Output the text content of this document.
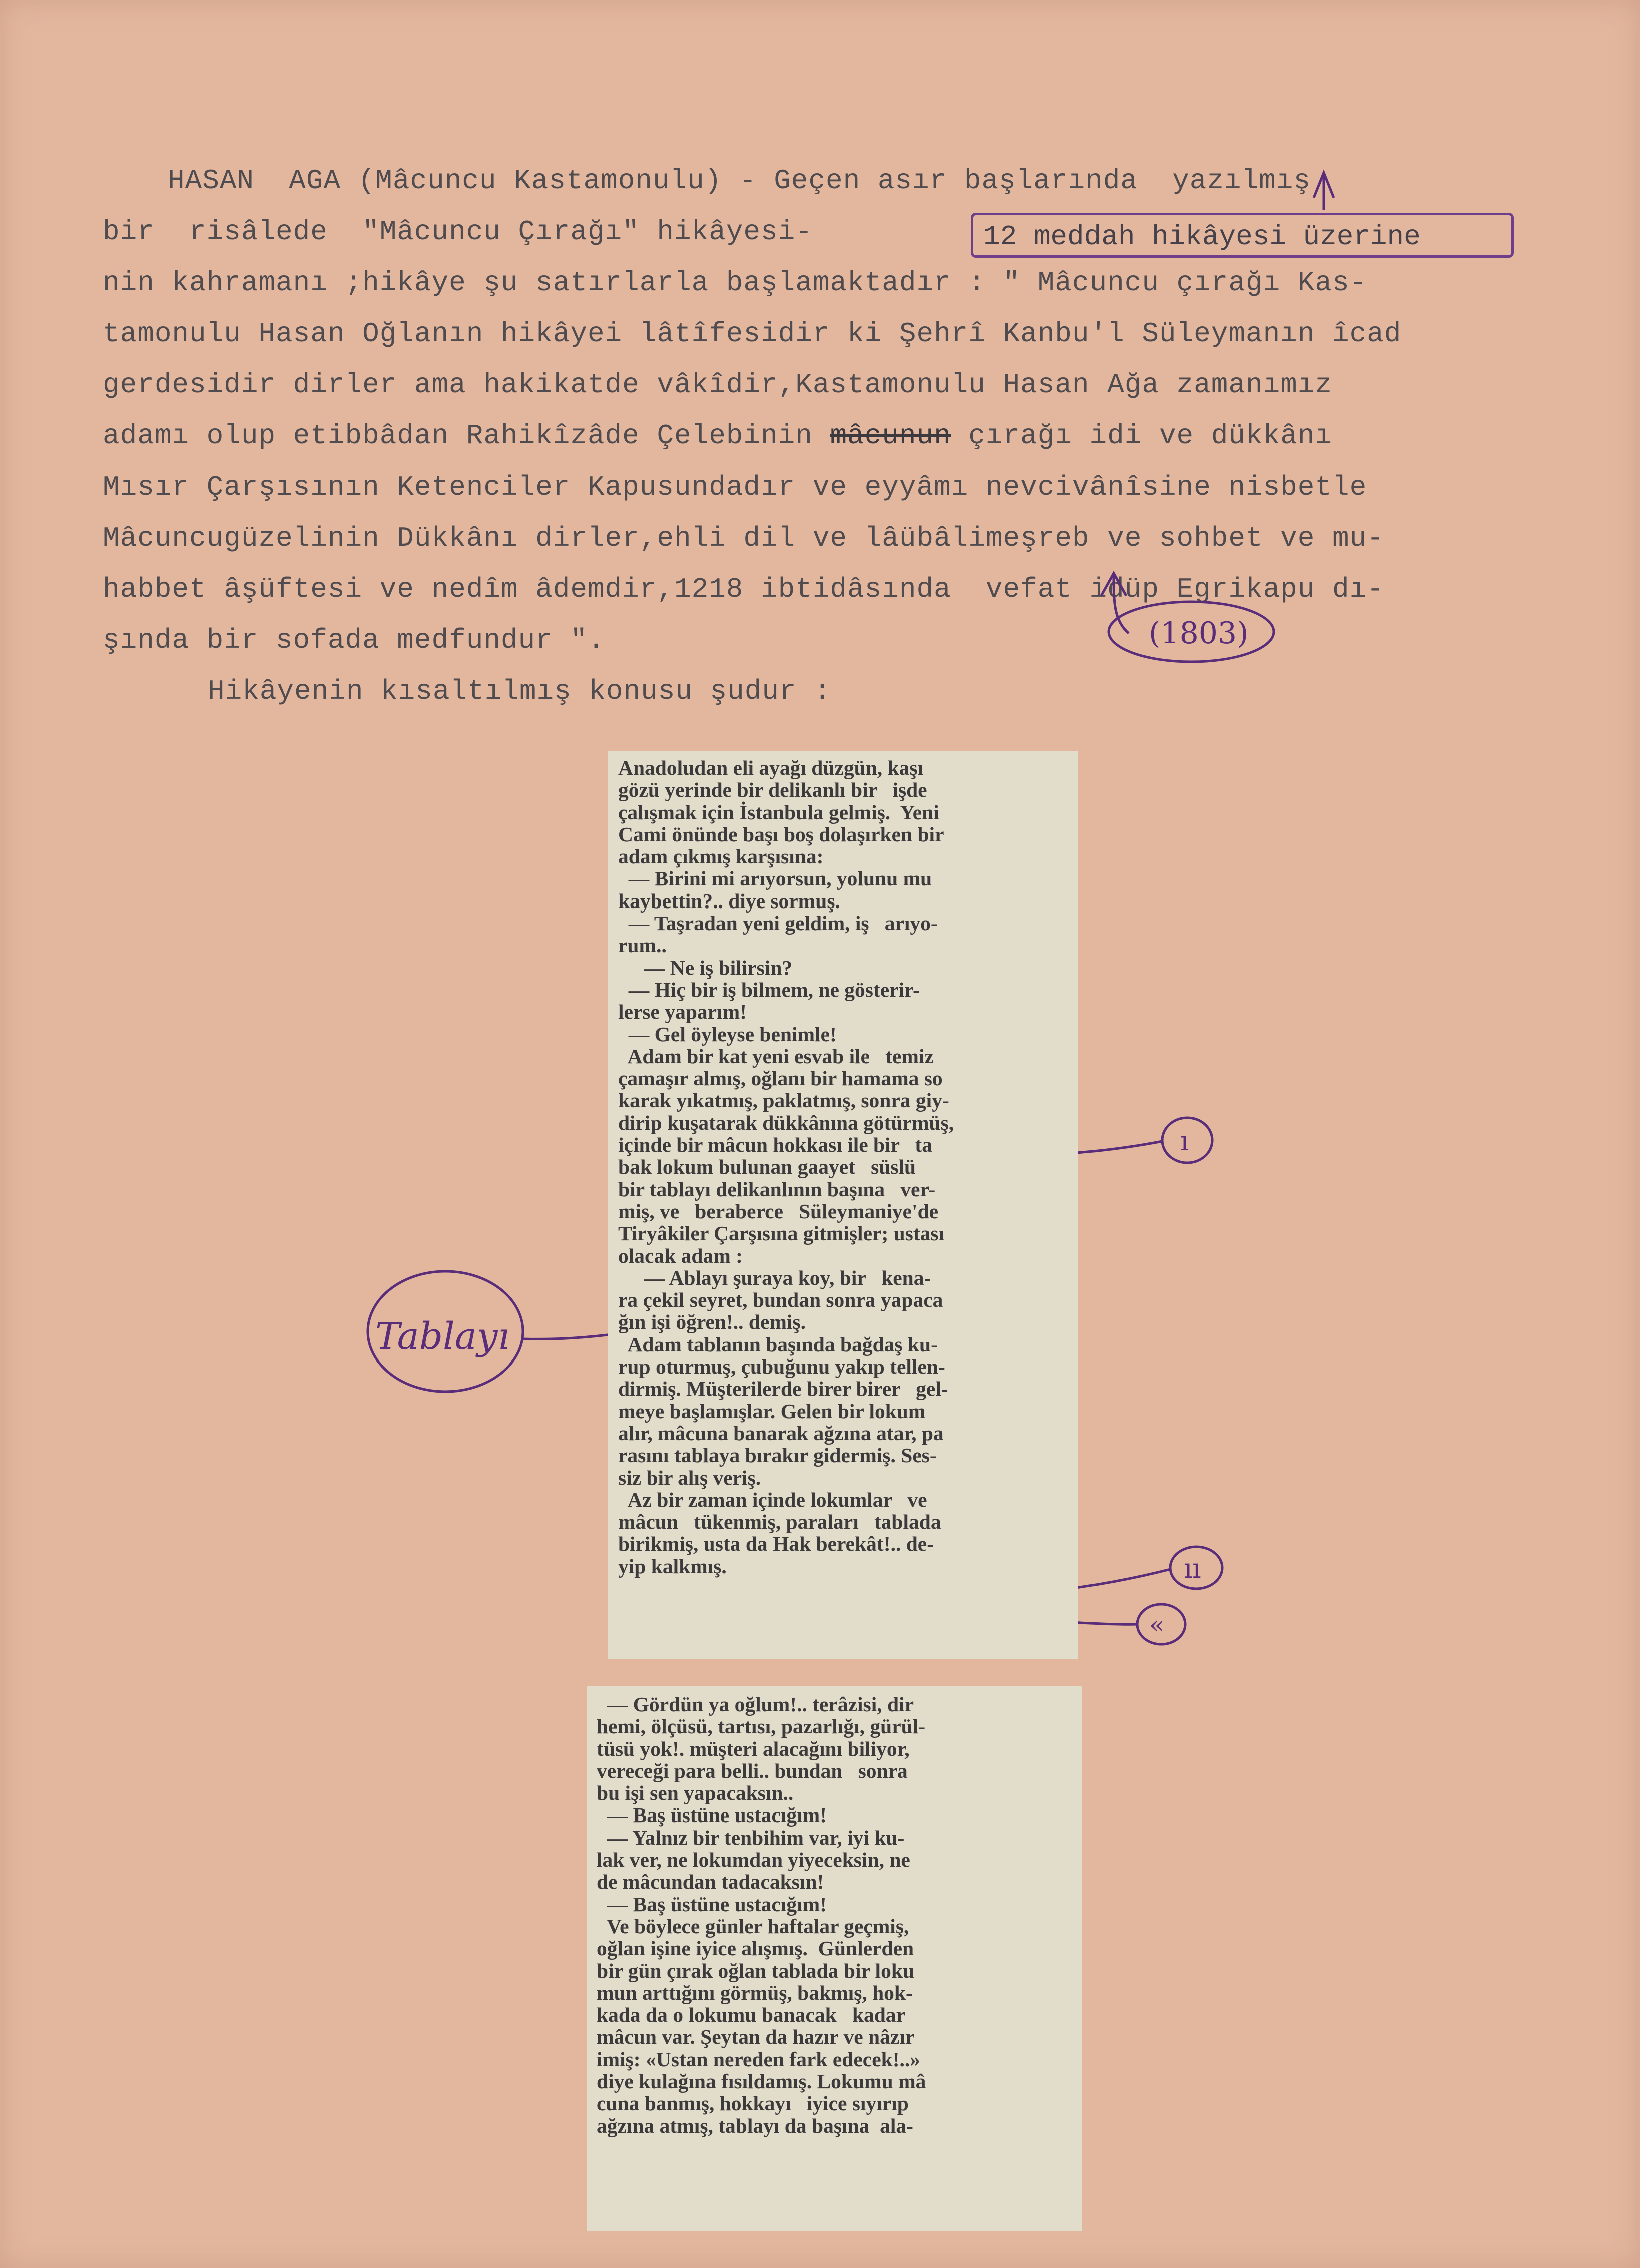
HASAN  AGA (Mâcuncu Kastamonulu) - Geçen asır başlarında  yazılmış
bir  risâlede  "Mâcuncu Çırağı" hikâyesi-
nin kahramanı ;hikâye şu satırlarla başlamaktadır : " Mâcuncu çırağı Kas-
tamonulu Hasan Oğlanın hikâyei lâtîfesidir ki Şehrî Kanbu'l Süleymanın îcad
gerdesidir dirler ama hakikatde vâkîdir,Kastamonulu Hasan Ağa zamanımız
adamı olup etibbâdan Rahikîzâde Çelebinin mâcunun çırağı idi ve dükkânı
Mısır Çarşısının Ketenciler Kapusundadır ve eyyâmı nevcivânîsine nisbetle
Mâcuncugüzelinin Dükkânı dirler,ehli dil ve lâübâlimeşreb ve sohbet ve mu-
habbet âşüftesi ve nedîm âdemdir,1218 ibtidâsında  vefat idüp Egrikapu dı-
şında bir sofada medfundur ".
Hikâyenin kısaltılmış konusu şudur :
12 meddah hikâyesi üzerine
(1803)
Tablayı
ı
ıı
«

Anadoludan eli ayağı düzgün, kaşı

gözü yerinde bir delikanlı bir   işde

çalışmak için İstanbula gelmiş.  Yeni

Cami önünde başı boş dolaşırken bir

adam çıkmış karşısına:

— Birini mi arıyorsun, yolunu mu

kaybettin?.. diye sormuş.

— Taşradan yeni geldim, iş   arıyo-

rum..

— Ne iş bilirsin?

— Hiç bir iş bilmem, ne gösterir-

lerse yaparım!

— Gel öyleyse benimle!

Adam bir kat yeni esvab ile   temiz

çamaşır almış, oğlanı bir hamama so

karak yıkatmış, paklatmış, sonra giy-

dirip kuşatarak dükkânına götürmüş,

içinde bir mâcun hokkası ile bir   ta

bak lokum bulunan gaayet   süslü

bir tablayı delikanlının başına   ver-

miş, ve   beraberce   Süleymaniye'de

Tiryâkiler Çarşısına gitmişler; ustası

olacak adam :

— Ablayı şuraya koy, bir   kena-

ra çekil seyret, bundan sonra yapaca

ğın işi öğren!.. demiş.

Adam tablanın başında bağdaş ku-

rup oturmuş, çubuğunu yakıp tellen-

dirmiş. Müşterilerde birer birer   gel-

meye başlamışlar. Gelen bir lokum

alır, mâcuna banarak ağzına atar, pa

rasını tablaya bırakır gidermiş. Ses-

siz bir alış veriş.

Az bir zaman içinde lokumlar   ve

mâcun   tükenmiş, paraları   tablada

birikmiş, usta da Hak berekât!.. de-

yip kalkmış.

— Gördün ya oğlum!.. terâzisi, dir

hemi, ölçüsü, tartısı, pazarlığı, gürül-

tüsü yok!. müşteri alacağını biliyor,

vereceği para belli.. bundan   sonra

bu işi sen yapacaksın..

— Baş üstüne ustacığım!

— Yalnız bir tenbihim var, iyi ku-

lak ver, ne lokumdan yiyeceksin, ne

de mâcundan tadacaksın!

— Baş üstüne ustacığım!

Ve böylece günler haftalar geçmiş,

oğlan işine iyice alışmış.  Günlerden

bir gün çırak oğlan tablada bir loku

mun arttığını görmüş, bakmış, hok-

kada da o lokumu banacak   kadar

mâcun var. Şeytan da hazır ve nâzır

imiş: «Ustan nereden fark edecek!..»

diye kulağına fısıldamış. Lokumu mâ

cuna banmış, hokkayı   iyice sıyırıp

ağzına atmış, tablayı da başına  ala-
